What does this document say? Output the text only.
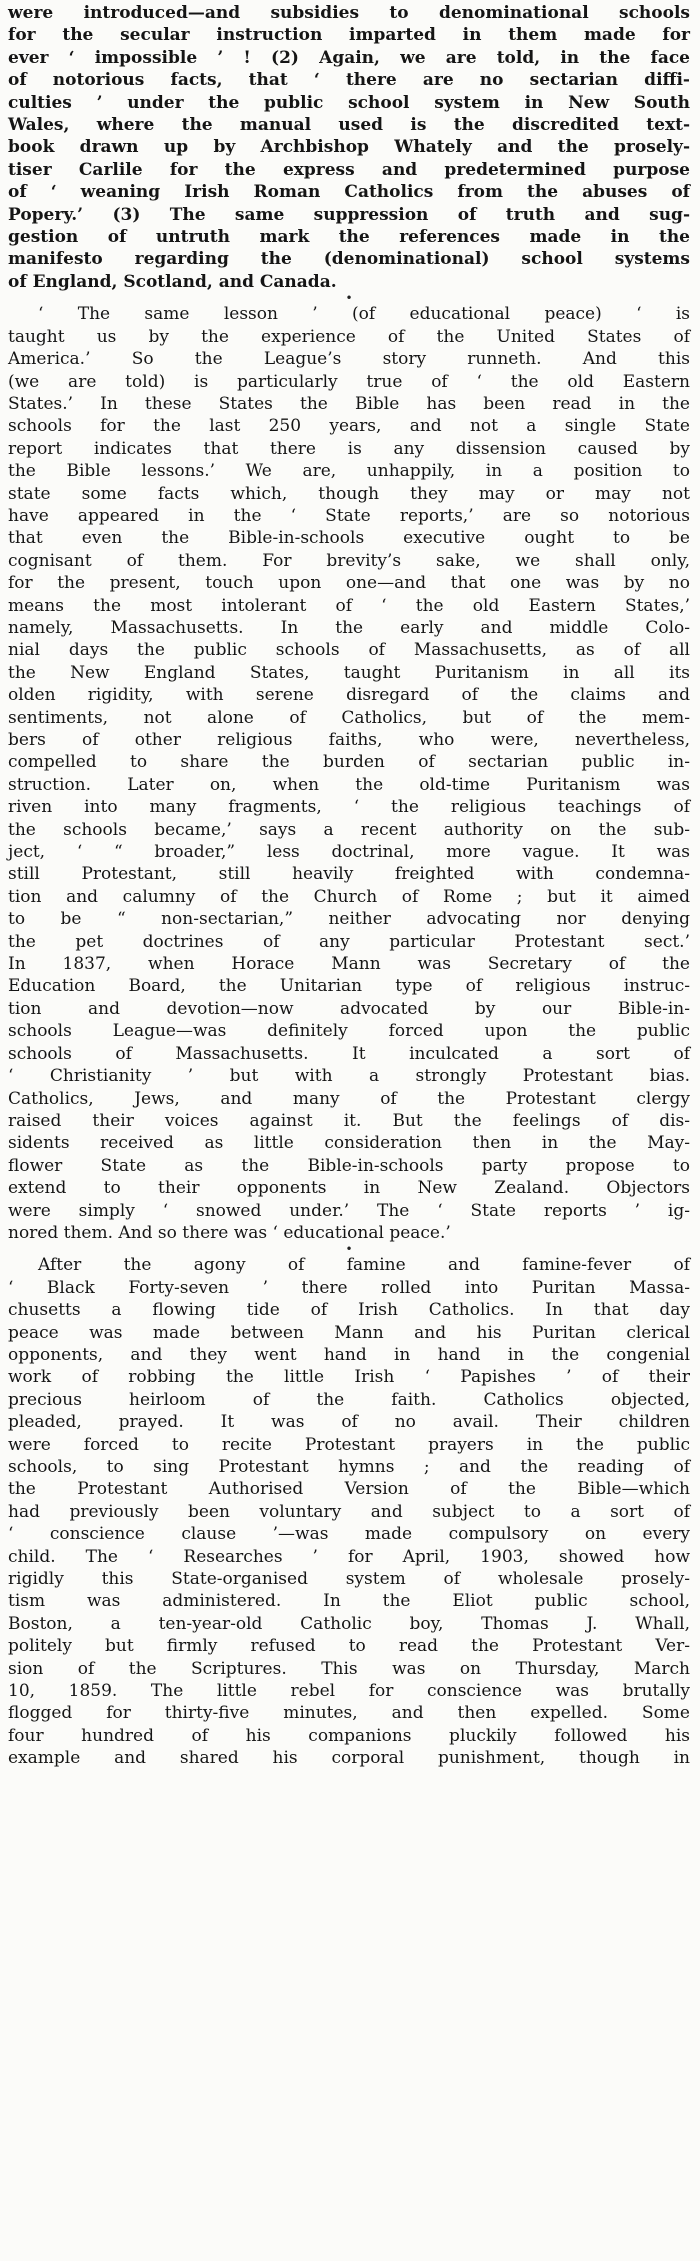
were introduced—and subsidies to denominational schools
for the secular instruction imparted in them made for
ever ‘ impossible ’ ! (2) Again, we are told, in the face
of notorious facts, that ‘ there are no sectarian diffi-
culties ’ under the public school system in New South
Wales, where the manual used is the discredited text-
book drawn up by Archbishop Whately and the prosely-
tiser Carlile for the express and predetermined purpose
of ‘ weaning Irish Roman Catholics from the abuses of
Popery.’ (3) The same suppression of truth and sug-
gestion of untruth mark the references made in the
manifesto regarding the (denominational) school systems
of England, Scotland, and Canada.

•

‘ The same lesson ’ (of educational peace) ‘ is
taught us by the experience of the United States of
America.’ So the League’s story runneth. And this
(we are told) is particularly true of ‘ the old Eastern
States.’ In these States the Bible has been read in the
schools for the last 250 years, and not a single State
report indicates that there is any dissension caused by
the Bible lessons.’ We are, unhappily, in a position to
state some facts which, though they may or may not
have appeared in the ‘ State reports,’ are so notorious
that even the Bible-in-schools executive ought to be
cognisant of them. For brevity’s sake, we shall only,
for the present, touch upon one—and that one was by no
means the most intolerant of ‘ the old Eastern States,’
namely, Massachusetts. In the early and middle Colo-
nial days the public schools of Massachusetts, as of all
the New England States, taught Puritanism in all its
olden rigidity, with serene disregard of the claims and
sentiments, not alone of Catholics, but of the mem-
bers of other religious faiths, who were, nevertheless,
compelled to share the burden of sectarian public in-
struction. Later on, when the old-time Puritanism was
riven into many fragments, ‘ the religious teachings of
the schools became,’ says a recent authority on the sub-
ject, ‘ “ broader,” less doctrinal, more vague. It was
still Protestant, still heavily freighted with condemna-
tion and calumny of the Church of Rome ; but it aimed
to be “ non-sectarian,” neither advocating nor denying
the pet doctrines of any particular Protestant sect.’
In 1837, when Horace Mann was Secretary of the
Education Board, the Unitarian type of religious instruc-
tion and devotion—now advocated by our Bible-in-
schools League—was definitely forced upon the public
schools of Massachusetts. It inculcated a sort of
‘ Christianity ’ but with a strongly Protestant bias.
Catholics, Jews, and many of the Protestant clergy
raised their voices against it. But the feelings of dis-
sidents received as little consideration then in the May-
flower State as the Bible-in-schools party propose to
extend to their opponents in New Zealand. Objectors
were simply ‘ snowed under.’ The ‘ State reports ’ ig-
nored them. And so there was ‘ educational peace.’

•

After the agony of famine and famine-fever of
‘ Black Forty-seven ’ there rolled into Puritan Massa-
chusetts a flowing tide of Irish Catholics. In that day
peace was made between Mann and his Puritan clerical
opponents, and they went hand in hand in the congenial
work of robbing the little Irish ‘ Papishes ’ of their
precious heirloom of the faith. Catholics objected,
pleaded, prayed. It was of no avail. Their children
were forced to recite Protestant prayers in the public
schools, to sing Protestant hymns ; and the reading of
the Protestant Authorised Version of the Bible—which
had previously been voluntary and subject to a sort of
‘ conscience clause ’—was made compulsory on every
child. The ‘ Researches ’ for April, 1903, showed how
rigidly this State-organised system of wholesale prosely-
tism was administered. In the Eliot public school,
Boston, a ten-year-old Catholic boy, Thomas J. Whall,
politely but firmly refused to read the Protestant Ver-
sion of the Scriptures. This was on Thursday, March
10, 1859. The little rebel for conscience was brutally
flogged for thirty-five minutes, and then expelled. Some
four hundred of his companions pluckily followed his
example and shared his corporal punishment, though in
